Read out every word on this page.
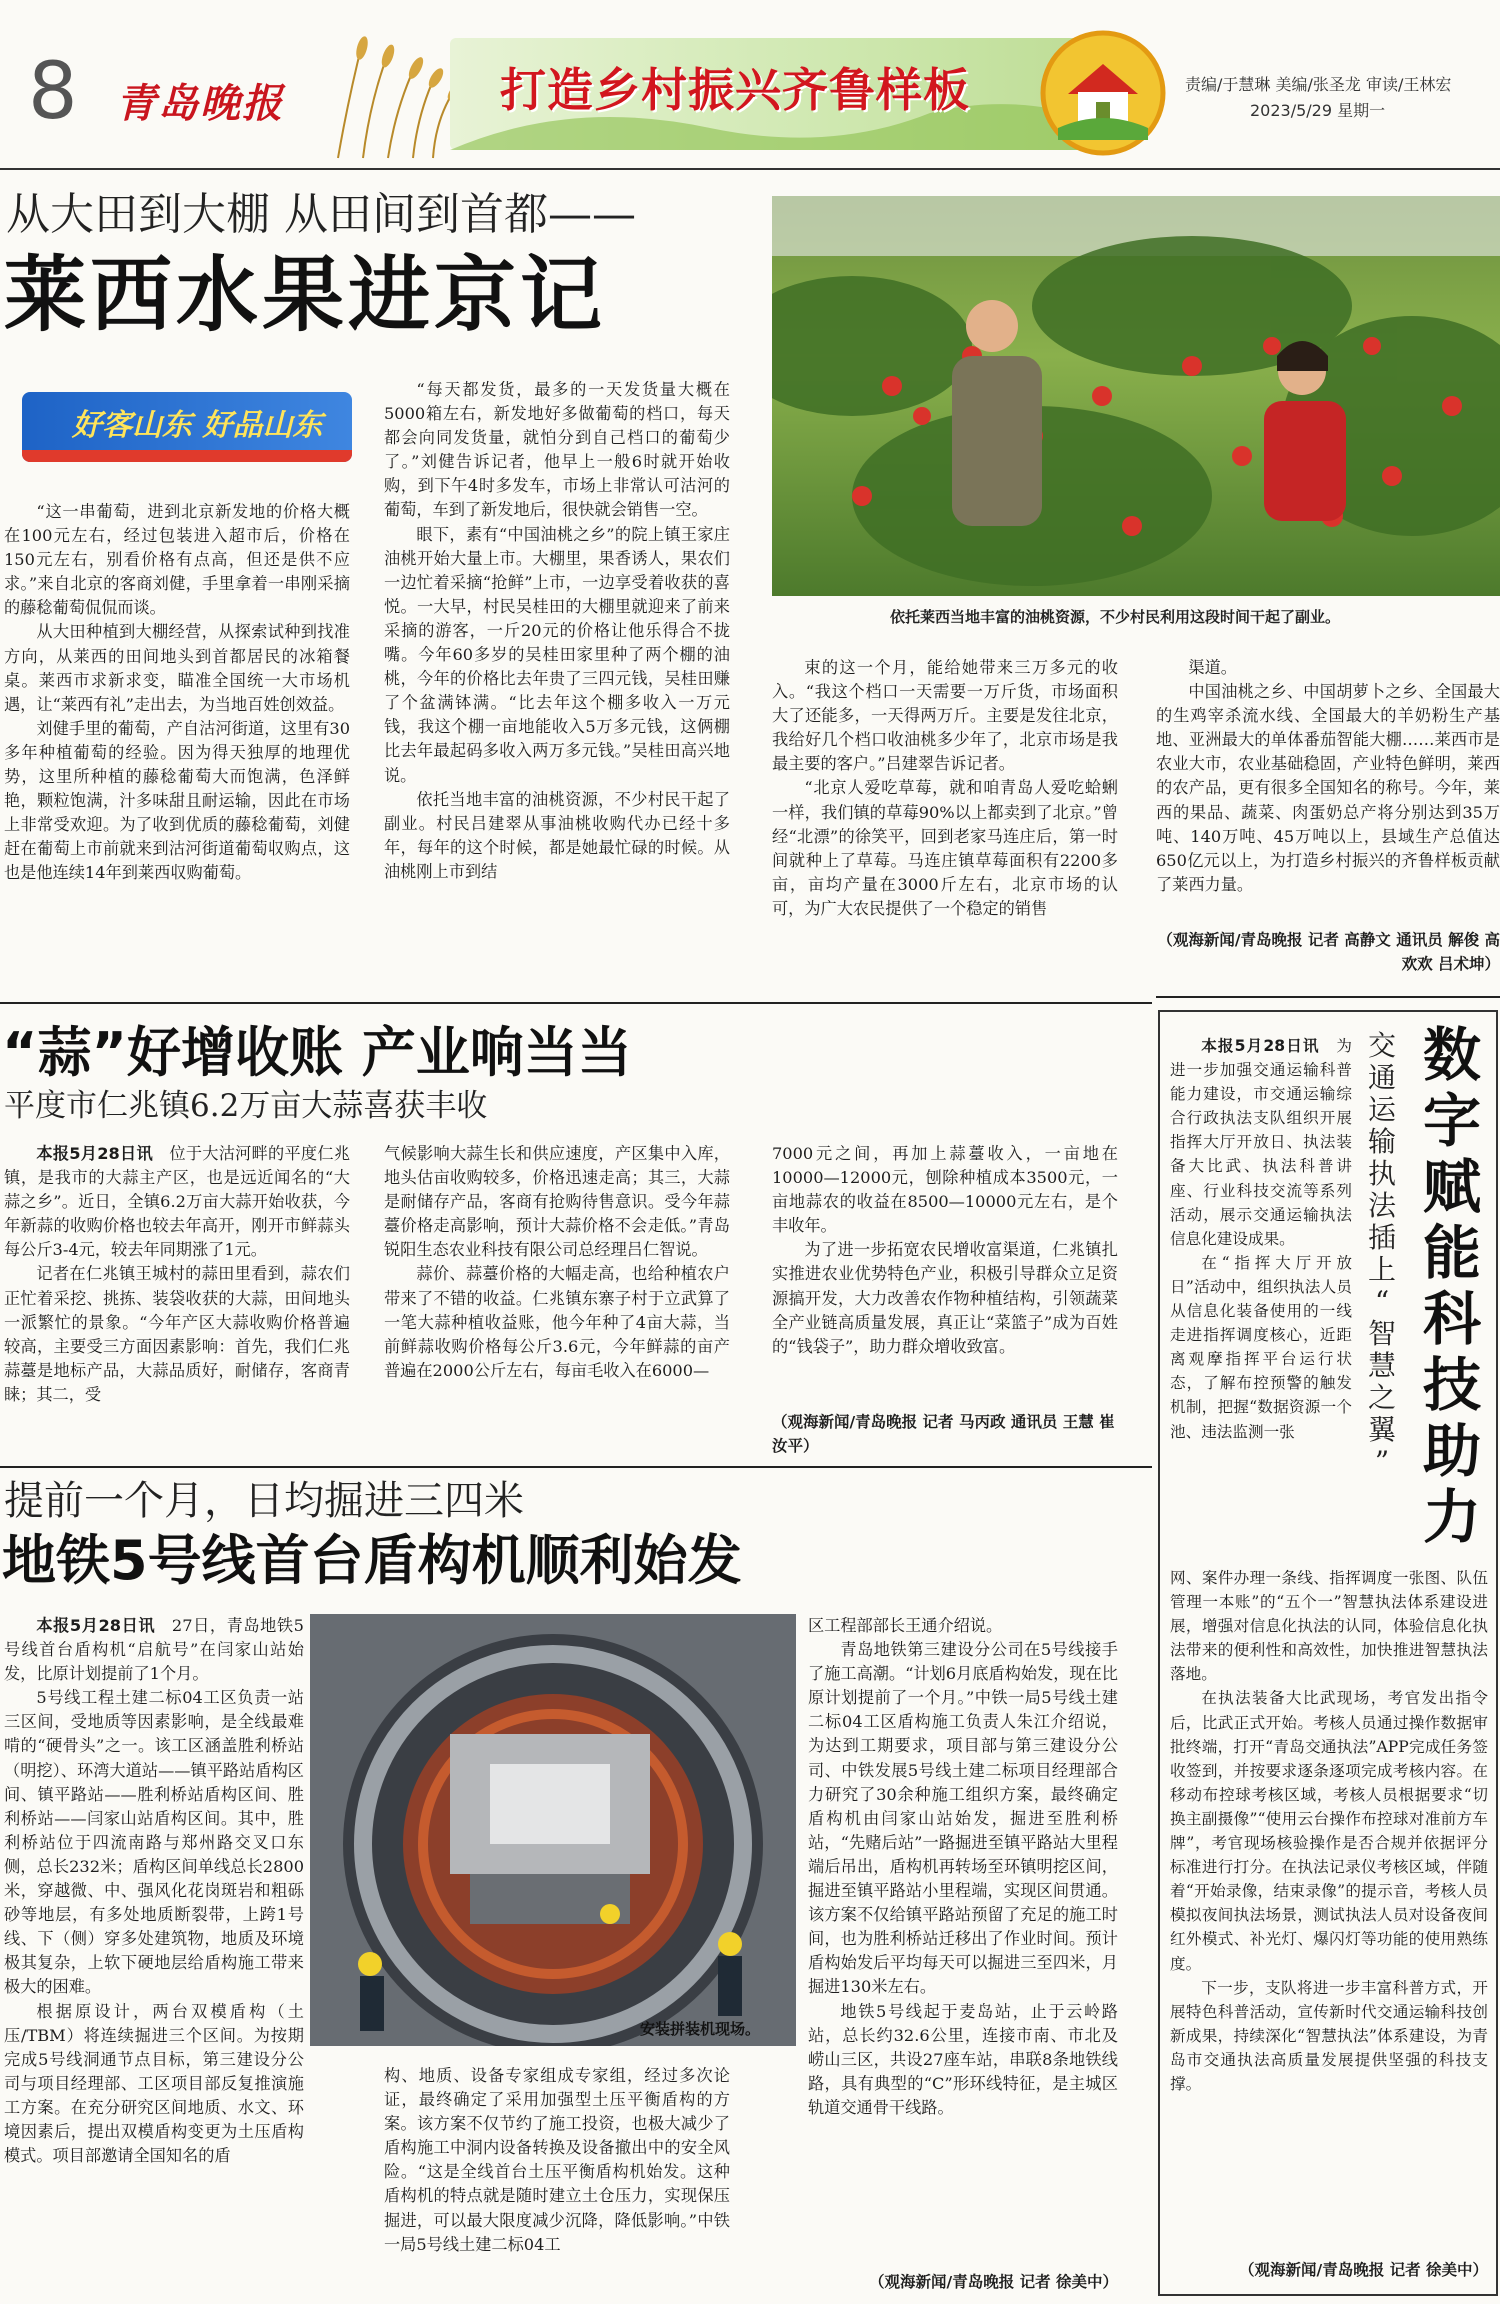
8 青岛晚报	打造乡村振兴齐鲁样板	责编/于慧琳 美编/张圣龙 审读/王林宏
2023/5/29 星期一
从大田到大棚 从田间到首都——
莱西水果进京记
好客山东 好品山东
依托莱西当地丰富的油桃资源，不少村民利用这段时间干起了副业。
“这一串葡萄，进到北京新发地的价格大概在100元左右，经过包装进入超市后，价格在150元左右，别看价格有点高，但还是供不应求。”来自北京的客商刘健，手里拿着一串刚采摘的藤稔葡萄侃侃而谈。
从大田种植到大棚经营，从探索试种到找准方向，从莱西的田间地头到首都居民的冰箱餐桌。莱西市求新求变，瞄准全国统一大市场机遇，让“莱西有礼”走出去，为当地百姓创效益。
刘健手里的葡萄，产自沽河街道，这里有30多年种植葡萄的经验。因为得天独厚的地理优势，这里所种植的藤稔葡萄大而饱满，色泽鲜艳，颗粒饱满，汁多味甜且耐运输，因此在市场上非常受欢迎。为了收到优质的藤稔葡萄，刘健赶在葡萄上市前就来到沽河街道葡萄収购点，这也是他连续14年到莱西収购葡萄。
“每天都发货，最多的一天发货量大概在5000箱左右，新发地好多做葡萄的档口，每天都会向同发货量，就怕分到自己档口的葡萄少了。”刘健告诉记者，他早上一般6时就开始收购，到下午4时多发车，市场上非常认可沽河的葡萄，车到了新发地后，很快就会销售一空。
眼下，素有“中国油桃之乡”的院上镇王家庄油桃开始大量上市。大棚里，果香诱人，果农们一边忙着采摘“抢鲜”上市，一边享受着收获的喜悦。一大早，村民吴桂田的大棚里就迎来了前来采摘的游客，一斤20元的价格让他乐得合不拢嘴。今年60多岁的吴桂田家里种了两个棚的油桃，今年的价格比去年贵了三四元钱，吴桂田赚了个盆满钵满。“比去年这个棚多收入一万元钱，我这个棚一亩地能收入5万多元钱，这俩棚比去年最起码多收入两万多元钱。”吴桂田高兴地说。
依托当地丰富的油桃资源，不少村民干起了副业。村民吕建翠从事油桃收购代办已经十多年，每年的这个时候，都是她最忙碌的时候。从油桃刚上市到结
束的这一个月，能给她带来三万多元的收入。“我这个档口一天需要一万斤货，市场面积大了还能多，一天得两万斤。主要是发往北京，我给好几个档口收油桃多少年了，北京市场是我最主要的客户。”吕建翠告诉记者。
“北京人爱吃草莓，就和咱青岛人爱吃蛤蜊一样，我们镇的草莓90%以上都卖到了北京。”曾经“北漂”的徐笑平，回到老家马连庄后，第一时间就种上了草莓。马连庄镇草莓面积有2200多亩，亩均产量在3000斤左右，北京市场的认可，为广大农民提供了一个稳定的销售
渠道。
中国油桃之乡、中国胡萝卜之乡、全国最大的生鸡宰杀流水线、全国最大的羊奶粉生产基地、亚洲最大的单体番茄智能大棚……莱西市是农业大市，农业基础稳固，产业特色鲜明，莱西的农产品，更有很多全国知名的称号。今年，莱西的果品、蔬菜、肉蛋奶总产将分别达到35万吨、140万吨、45万吨以上，县域生产总值达650亿元以上，为打造乡村振兴的齐鲁样板贡献了莱西力量。
（观海新闻/青岛晚报 记者 高静文 通讯员 解俊 高欢欢 吕术坤）
“蒜”好增收账 产业响当当
平度市仁兆镇6.2万亩大蒜喜获丰收
本报5月28日讯　位于大沽河畔的平度仁兆镇，是我市的大蒜主产区，也是远近闻名的“大蒜之乡”。近日，全镇6.2万亩大蒜开始收获，今年新蒜的收购价格也较去年高开，刚开市鲜蒜头每公斤3-4元，较去年同期涨了1元。
记者在仁兆镇王城村的蒜田里看到，蒜农们正忙着采挖、挑拣、装袋收获的大蒜，田间地头一派繁忙的景象。“今年产区大蒜收购价格普遍较高，主要受三方面因素影响：首先，我们仁兆蒜薹是地标产品，大蒜品质好，耐储存，客商青睐；其二，受
气候影响大蒜生长和供应速度，产区集中入库，地头估亩收购较多，价格迅速走高；其三，大蒜是耐储存产品，客商有抢购待售意识。受今年蒜薹价格走高影响，预计大蒜价格不会走低。”青岛锐阳生态农业科技有限公司总经理吕仁智说。
蒜价、蒜薹价格的大幅走高，也给种植农户带来了不错的收益。仁兆镇东寨子村于立武算了一笔大蒜种植收益账，他今年种了4亩大蒜，当前鲜蒜收购价格每公斤3.6元，今年鲜蒜的亩产普遍在2000公斤左右，每亩毛收入在6000—
7000元之间，再加上蒜薹收入，一亩地在10000—12000元，刨除种植成本3500元，一亩地蒜农的收益在8500—10000元左右，是个丰收年。
为了进一步拓宽农民增收富渠道，仁兆镇扎实推进农业优势特色产业，积极引导群众立足资源搞开发，大力改善农作物种植结构，引领蔬菜全产业链高质量发展，真正让“菜篮子”成为百姓的“钱袋子”，助力群众增收致富。
（观海新闻/青岛晚报 记者 马丙政 通讯员 王慧 崔汝平）
提前一个月，日均掘进三四米
地铁5号线首台盾构机顺利始发
安装拼装机现场。
本报5月28日讯　27日，青岛地铁5号线首台盾构机“启航号”在闫家山站始发，比原计划提前了1个月。
5号线工程土建二标04工区负责一站三区间，受地质等因素影响，是全线最难啃的“硬骨头”之一。该工区涵盖胜利桥站（明挖）、环湾大道站——镇平路站盾构区间、镇平路站——胜利桥站盾构区间、胜利桥站——闫家山站盾构区间。其中，胜利桥站位于四流南路与郑州路交叉口东侧，总长232米；盾构区间单线总长2800米，穿越微、中、强风化花岗斑岩和粗砾砂等地层，有多处地质断裂带，上跨1号线、下（侧）穿多处建筑物，地质及环境极其复杂，上软下硬地层给盾构施工带来极大的困难。
根据原设计，两台双模盾构（土压/TBM）将连续掘进三个区间。为按期完成5号线洞通节点目标，第三建设分公司与项目经理部、工区项目部反复推演施工方案。在充分研究区间地质、水文、环境因素后，提出双模盾构变更为土压盾构模式。项目部邀请全国知名的盾
构、地质、设备专家组成专家组，经过多次论证，最终确定了采用加强型土压平衡盾构的方案。该方案不仅节约了施工投资，也极大减少了盾构施工中洞内设备转换及设备撤出中的安全风险。“这是全线首台土压平衡盾构机始发。这种盾构机的特点就是随时建立土仓压力，实现保压掘进，可以最大限度减少沉降，降低影响。”中铁一局5号线土建二标04工
区工程部部长王通介绍说。
青岛地铁第三建设分公司在5号线接手了施工高潮。“计划6月底盾构始发，现在比原计划提前了一个月。”中铁一局5号线土建二标04工区盾构施工负责人朱江介绍说，为达到工期要求，项目部与第三建设分公司、中铁发展5号线土建二标项目经理部合力研究了30余种施工组织方案，最终确定盾构机由闫家山站始发，掘进至胜利桥站，“先赌后站”一路掘进至镇平路站大里程端后吊出，盾构机再转场至环镇明挖区间，掘进至镇平路站小里程端，实现区间贯通。该方案不仅给镇平路站预留了充足的施工时间，也为胜利桥站迁移出了作业时间。预计盾构始发后平均每天可以掘进三至四米，月掘进130米左右。
地铁5号线起于麦岛站，止于云岭路站，总长约32.6公里，连接市南、市北及崂山三区，共设27座车站，串联8条地铁线路，具有典型的“C”形环线特征，是主城区轨道交通骨干线路。
（观海新闻/青岛晚报 记者 徐美中）
数
字
赋
能
科
技
助
力
交
通
运
输
执
法
插
上
“
智
慧
之
翼
”
本报5月28日讯　为进一步加强交通运输科普能力建设，市交通运输综合行政执法支队组织开展指挥大厅开放日、执法装备大比武、执法科普讲座、行业科技交流等系列活动，展示交通运输执法信息化建设成果。
在“指挥大厅开放日”活动中，组织执法人员从信息化装备使用的一线走进指挥调度核心，近距离观摩指挥平台运行状态，了解布控预警的触发机制，把握“数据资源一个池、违法监测一张
网、案件办理一条线、指挥调度一张图、队伍管理一本账”的“五个一”智慧执法体系建设进展，增强对信息化执法的认同，体验信息化执法带来的便利性和高效性，加快推进智慧执法落地。
在执法装备大比武现场，考官发出指令后，比武正式开始。考核人员通过操作数据审批终端，打开“青岛交通执法”APP完成任务签收签到，并按要求逐条逐项完成考核内容。在移动布控球考核区域，考核人员根据要求“切换主副摄像”“使用云台操作布控球对准前方车牌”，考官现场核验操作是否合规并依据评分标准进行打分。在执法记录仪考核区域，伴随着“开始录像，结束录像”的提示音，考核人员模拟夜间执法场景，测试执法人员对设备夜间红外模式、补光灯、爆闪灯等功能的使用熟练度。
下一步，支队将进一步丰富科普方式，开展特色科普活动，宣传新时代交通运输科技创新成果，持续深化“智慧执法”体系建设，为青岛市交通执法高质量发展提供坚强的科技支撑。
（观海新闻/青岛晚报 记者 徐美中）
